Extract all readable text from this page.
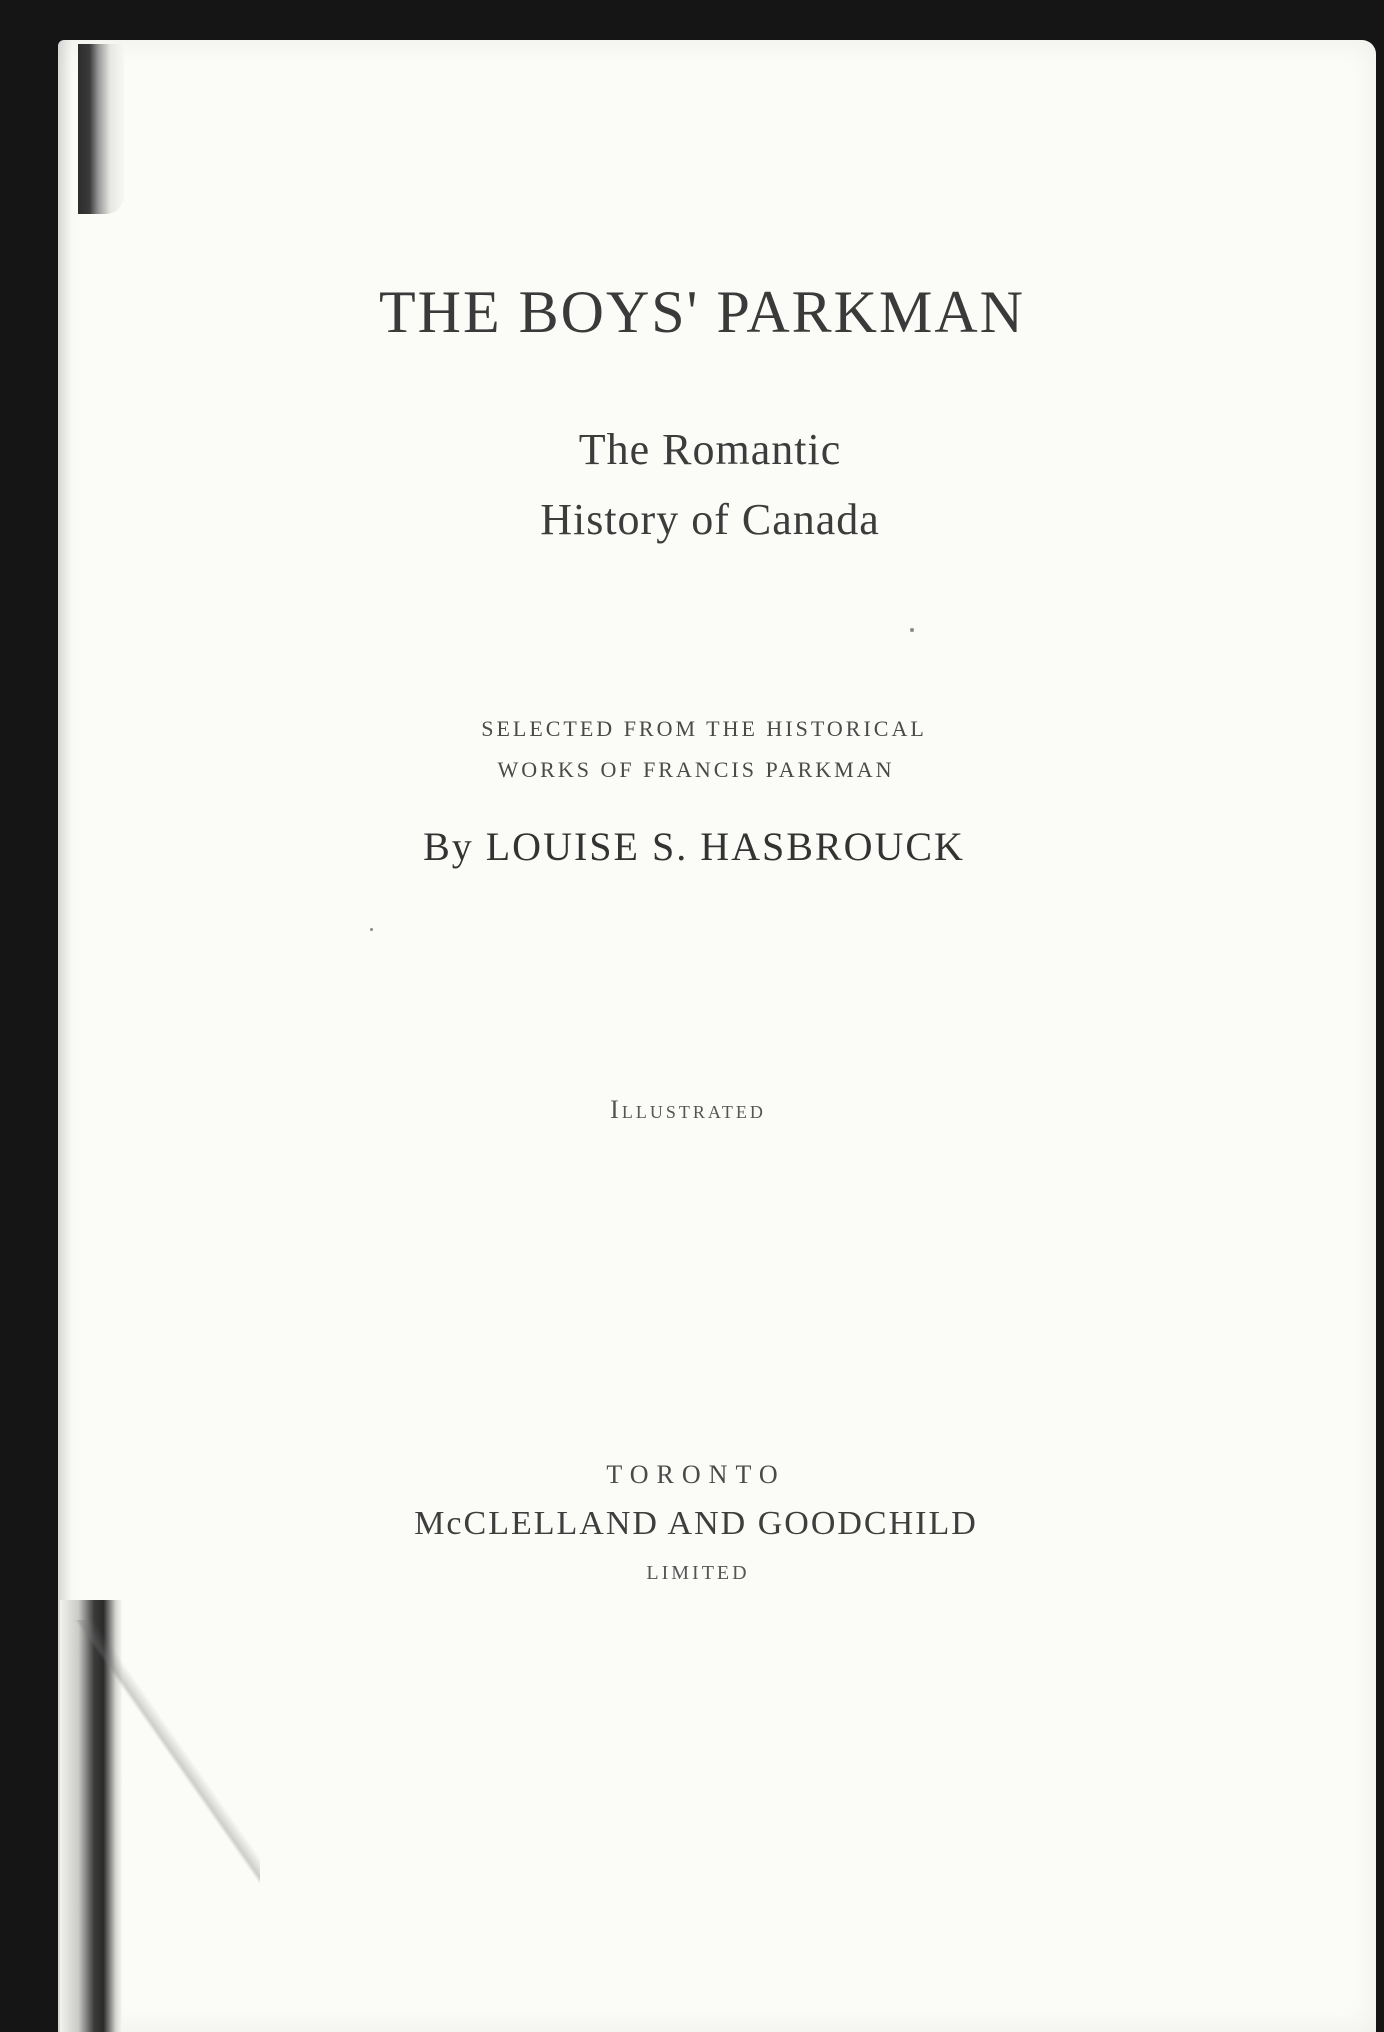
THE BOYS' PARKMAN
The Romantic
History of Canada
SELECTED FROM THE HISTORICAL
WORKS OF FRANCIS PARKMAN
By LOUISE S. HASBROUCK
Illustrated
TORONTO
McCLELLAND AND GOODCHILD
LIMITED
